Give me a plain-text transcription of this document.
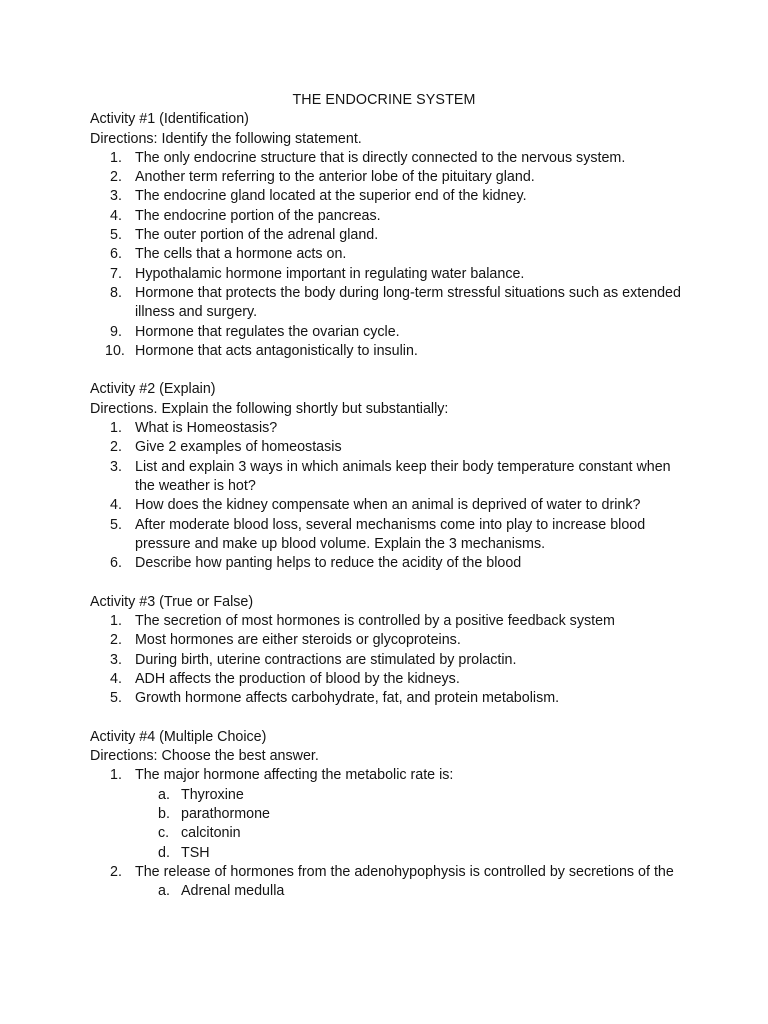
THE ENDOCRINE SYSTEM

Activity #1 (Identification)

Directions: Identify the following statement.

1. The only endocrine structure that is directly connected to the nervous system.
2. Another term referring to the anterior lobe of the pituitary gland.
3. The endocrine gland located at the superior end of the kidney.
4. The endocrine portion of the pancreas.
5. The outer portion of the adrenal gland.
6. The cells that a hormone acts on.
7. Hypothalamic hormone important in regulating water balance.
8. Hormone that protects the body during long-term stressful situations such as extended illness and surgery.
9. Hormone that regulates the ovarian cycle.
10. Hormone that acts antagonistically to insulin.

Activity #2 (Explain)

Directions. Explain the following shortly but substantially:

1. What is Homeostasis?
2. Give 2 examples of homeostasis
3. List and explain 3 ways in which animals keep their body temperature constant when the weather is hot?
4. How does the kidney compensate when an animal is deprived of water to drink?
5. After moderate blood loss, several mechanisms come into play to increase blood pressure and make up blood volume. Explain the 3 mechanisms.
6. Describe how panting helps to reduce the acidity of the blood

Activity #3 (True or False)

1. The secretion of most hormones is controlled by a positive feedback system
2. Most hormones are either steroids or glycoproteins.
3. During birth, uterine contractions are stimulated by prolactin.
4. ADH affects the production of blood by the kidneys.
5. Growth hormone affects carbohydrate, fat, and protein metabolism.

Activity #4 (Multiple Choice)

Directions: Choose the best answer.

1. The major hormone affecting the metabolic rate is:
a. Thyroxine
b. parathormone
c. calcitonin
d. TSH
2. The release of hormones from the adenohypophysis is controlled by secretions of the
a. Adrenal medulla
